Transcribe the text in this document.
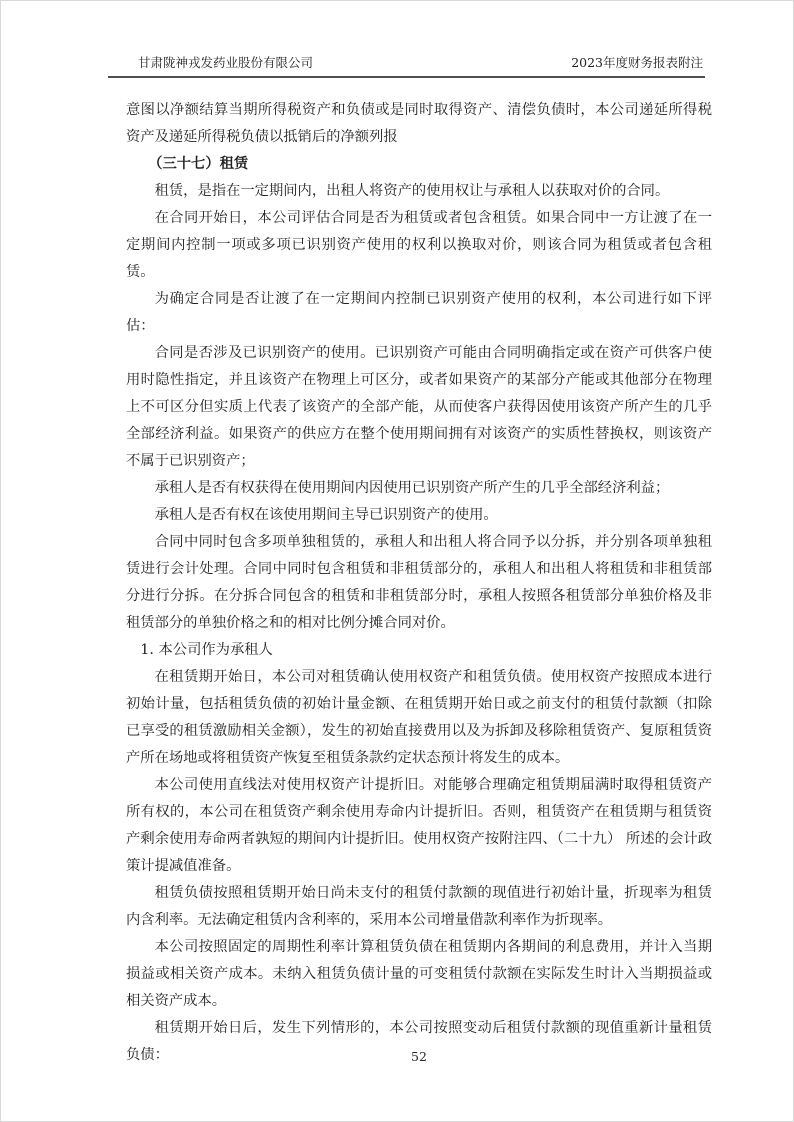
甘肃陇神戎发药业股份有限公司	2023年度财务报表附注

意图以净额结算当期所得税资产和负债或是同时取得资产、清偿负债时，本公司递延所得税资产及递延所得税负债以抵销后的净额列报

（三十七）租赁

租赁，是指在一定期间内，出租人将资产的使用权让与承租人以获取对价的合同。

在合同开始日，本公司评估合同是否为租赁或者包含租赁。如果合同中一方让渡了在一定期间内控制一项或多项已识别资产使用的权利以换取对价，则该合同为租赁或者包含租赁。

为确定合同是否让渡了在一定期间内控制已识别资产使用的权利，本公司进行如下评估：

合同是否涉及已识别资产的使用。已识别资产可能由合同明确指定或在资产可供客户使用时隐性指定，并且该资产在物理上可区分，或者如果资产的某部分产能或其他部分在物理上不可区分但实质上代表了该资产的全部产能，从而使客户获得因使用该资产所产生的几乎全部经济利益。如果资产的供应方在整个使用期间拥有对该资产的实质性替换权，则该资产不属于已识别资产；

承租人是否有权获得在使用期间内因使用已识别资产所产生的几乎全部经济利益；

承租人是否有权在该使用期间主导已识别资产的使用。

合同中同时包含多项单独租赁的，承租人和出租人将合同予以分拆，并分别各项单独租赁进行会计处理。合同中同时包含租赁和非租赁部分的，承租人和出租人将租赁和非租赁部分进行分拆。在分拆合同包含的租赁和非租赁部分时，承租人按照各租赁部分单独价格及非租赁部分的单独价格之和的相对比例分摊合同对价。

1. 本公司作为承租人

在租赁期开始日，本公司对租赁确认使用权资产和租赁负债。使用权资产按照成本进行初始计量，包括租赁负债的初始计量金额、在租赁期开始日或之前支付的租赁付款额（扣除已享受的租赁激励相关金额），发生的初始直接费用以及为拆卸及移除租赁资产、复原租赁资产所在场地或将租赁资产恢复至租赁条款约定状态预计将发生的成本。

本公司使用直线法对使用权资产计提折旧。对能够合理确定租赁期届满时取得租赁资产所有权的，本公司在租赁资产剩余使用寿命内计提折旧。否则，租赁资产在租赁期与租赁资产剩余使用寿命两者孰短的期间内计提折旧。使用权资产按附注四、（二十九） 所述的会计政策计提减值准备。

租赁负债按照租赁期开始日尚未支付的租赁付款额的现值进行初始计量，折现率为租赁内含利率。无法确定租赁内含利率的，采用本公司增量借款利率作为折现率。

本公司按照固定的周期性利率计算租赁负债在租赁期内各期间的利息费用，并计入当期损益或相关资产成本。未纳入租赁负债计量的可变租赁付款额在实际发生时计入当期损益或相关资产成本。

租赁期开始日后，发生下列情形的，本公司按照变动后租赁付款额的现值重新计量租赁负债：	52
